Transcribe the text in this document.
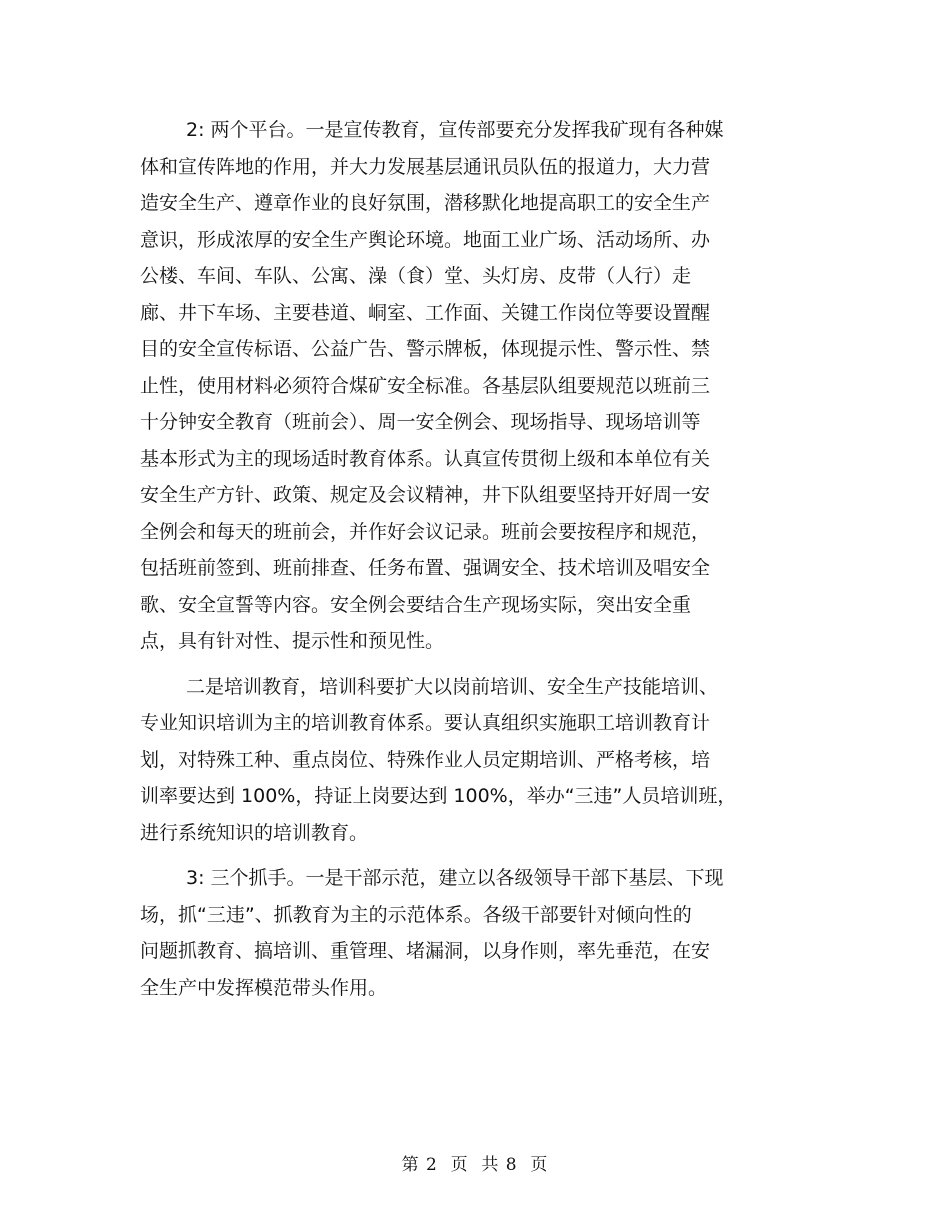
2: 两个平台。一是宣传教育，宣传部要充分发挥我矿现有各种媒
体和宣传阵地的作用，并大力发展基层通讯员队伍的报道力，大力营
造安全生产、遵章作业的良好氛围，潜移默化地提高职工的安全生产
意识，形成浓厚的安全生产舆论环境。地面工业广场、活动场所、办
公楼、车间、车队、公寓、澡（食）堂、头灯房、皮带（人行）走
廊、井下车场、主要巷道、峒室、工作面、关键工作岗位等要设置醒
目的安全宣传标语、公益广告、警示牌板，体现提示性、警示性、禁
止性，使用材料必须符合煤矿安全标准。各基层队组要规范以班前三
十分钟安全教育（班前会）、周一安全例会、现场指导、现场培训等
基本形式为主的现场适时教育体系。认真宣传贯彻上级和本单位有关
安全生产方针、政策、规定及会议精神，井下队组要坚持开好周一安
全例会和每天的班前会，并作好会议记录。班前会要按程序和规范，
包括班前签到、班前排查、任务布置、强调安全、技术培训及唱安全
歌、安全宣誓等内容。安全例会要结合生产现场实际，突出安全重
点，具有针对性、提示性和预见性。
二是培训教育，培训科要扩大以岗前培训、安全生产技能培训、
专业知识培训为主的培训教育体系。要认真组织实施职工培训教育计
划，对特殊工种、重点岗位、特殊作业人员定期培训、严格考核，培
训率要达到 100%，持证上岗要达到 100%，举办“三违”人员培训班，
进行系统知识的培训教育。
3: 三个抓手。一是干部示范，建立以各级领导干部下基层、下现
场，抓“三违”、抓教育为主的示范体系。各级干部要针对倾向性的
问题抓教育、搞培训、重管理、堵漏洞，以身作则，率先垂范，在安
全生产中发挥模范带头作用。
第 2  页  共 8  页
